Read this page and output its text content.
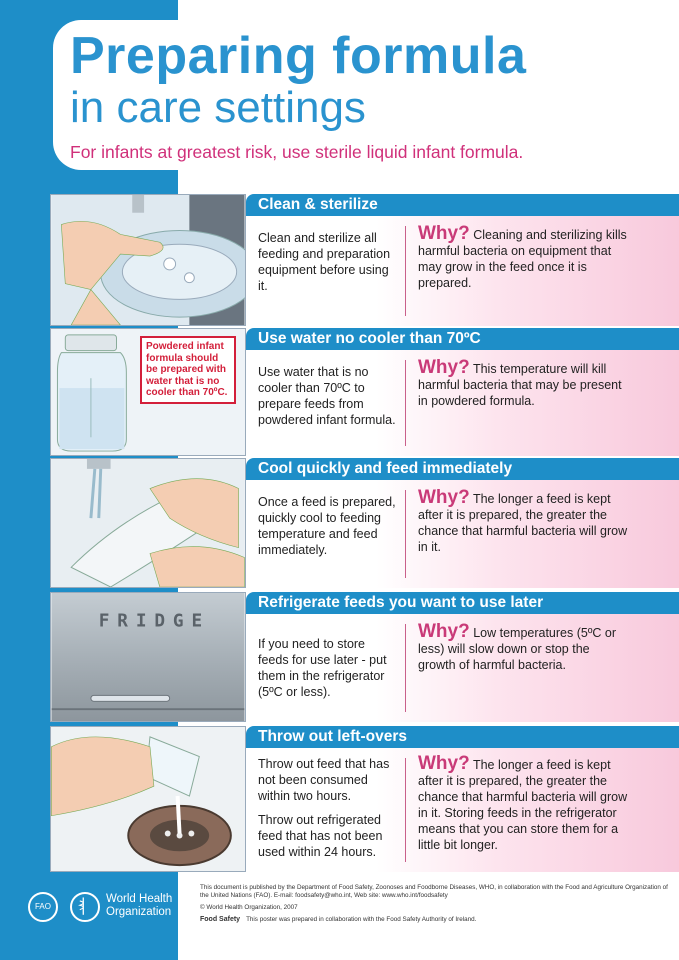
Preparing formula
in care settings
For infants at greatest risk, use sterile liquid infant formula.
Clean & sterilize

Clean and sterilize all feeding and preparation equipment before using it.

Why? Cleaning and sterilizing kills harmful bacteria on equipment that may grow in the feed once it is prepared.
Powdered infant formula should be prepared with water that is no cooler than 70ºC.
Use water no cooler than 70ºC

Use water that is no cooler than 70ºC to prepare feeds from powdered infant formula.

Why? This temperature will kill harmful bacteria that may be present in powdered formula.
Cool quickly and feed immediately

Once a feed is prepared, quickly cool to feeding temperature and feed immediately.

Why? The longer a feed is kept after it is prepared, the greater the chance that harmful bacteria will grow in it.
FRIDGE
Refrigerate feeds you want to use later

If you need to store feeds for use later - put them in the refrigerator (5ºC or less).

Why? Low temperatures (5ºC or less) will slow down or stop the growth of harmful bacteria.
Throw out left-overs

Throw out feed that has not been consumed within two hours.

Throw out refrigerated feed that has not been used within 24 hours.

Why? The longer a feed is kept after it is prepared, the greater the chance that harmful bacteria will grow in it. Storing feeds in the refrigerator means that you can store them for a little bit longer.
FAO
World Health
Organization

This document is published by the Department of Food Safety, Zoonoses and Foodborne Diseases, WHO, in collaboration with the Food and Agriculture Organization of the United Nations (FAO). E-mail: foodsafety@who.int, Web site: www.who.int/foodsafety

© World Health Organization, 2007

Food Safety This poster was prepared in collaboration with the Food Safety Authority of Ireland.
